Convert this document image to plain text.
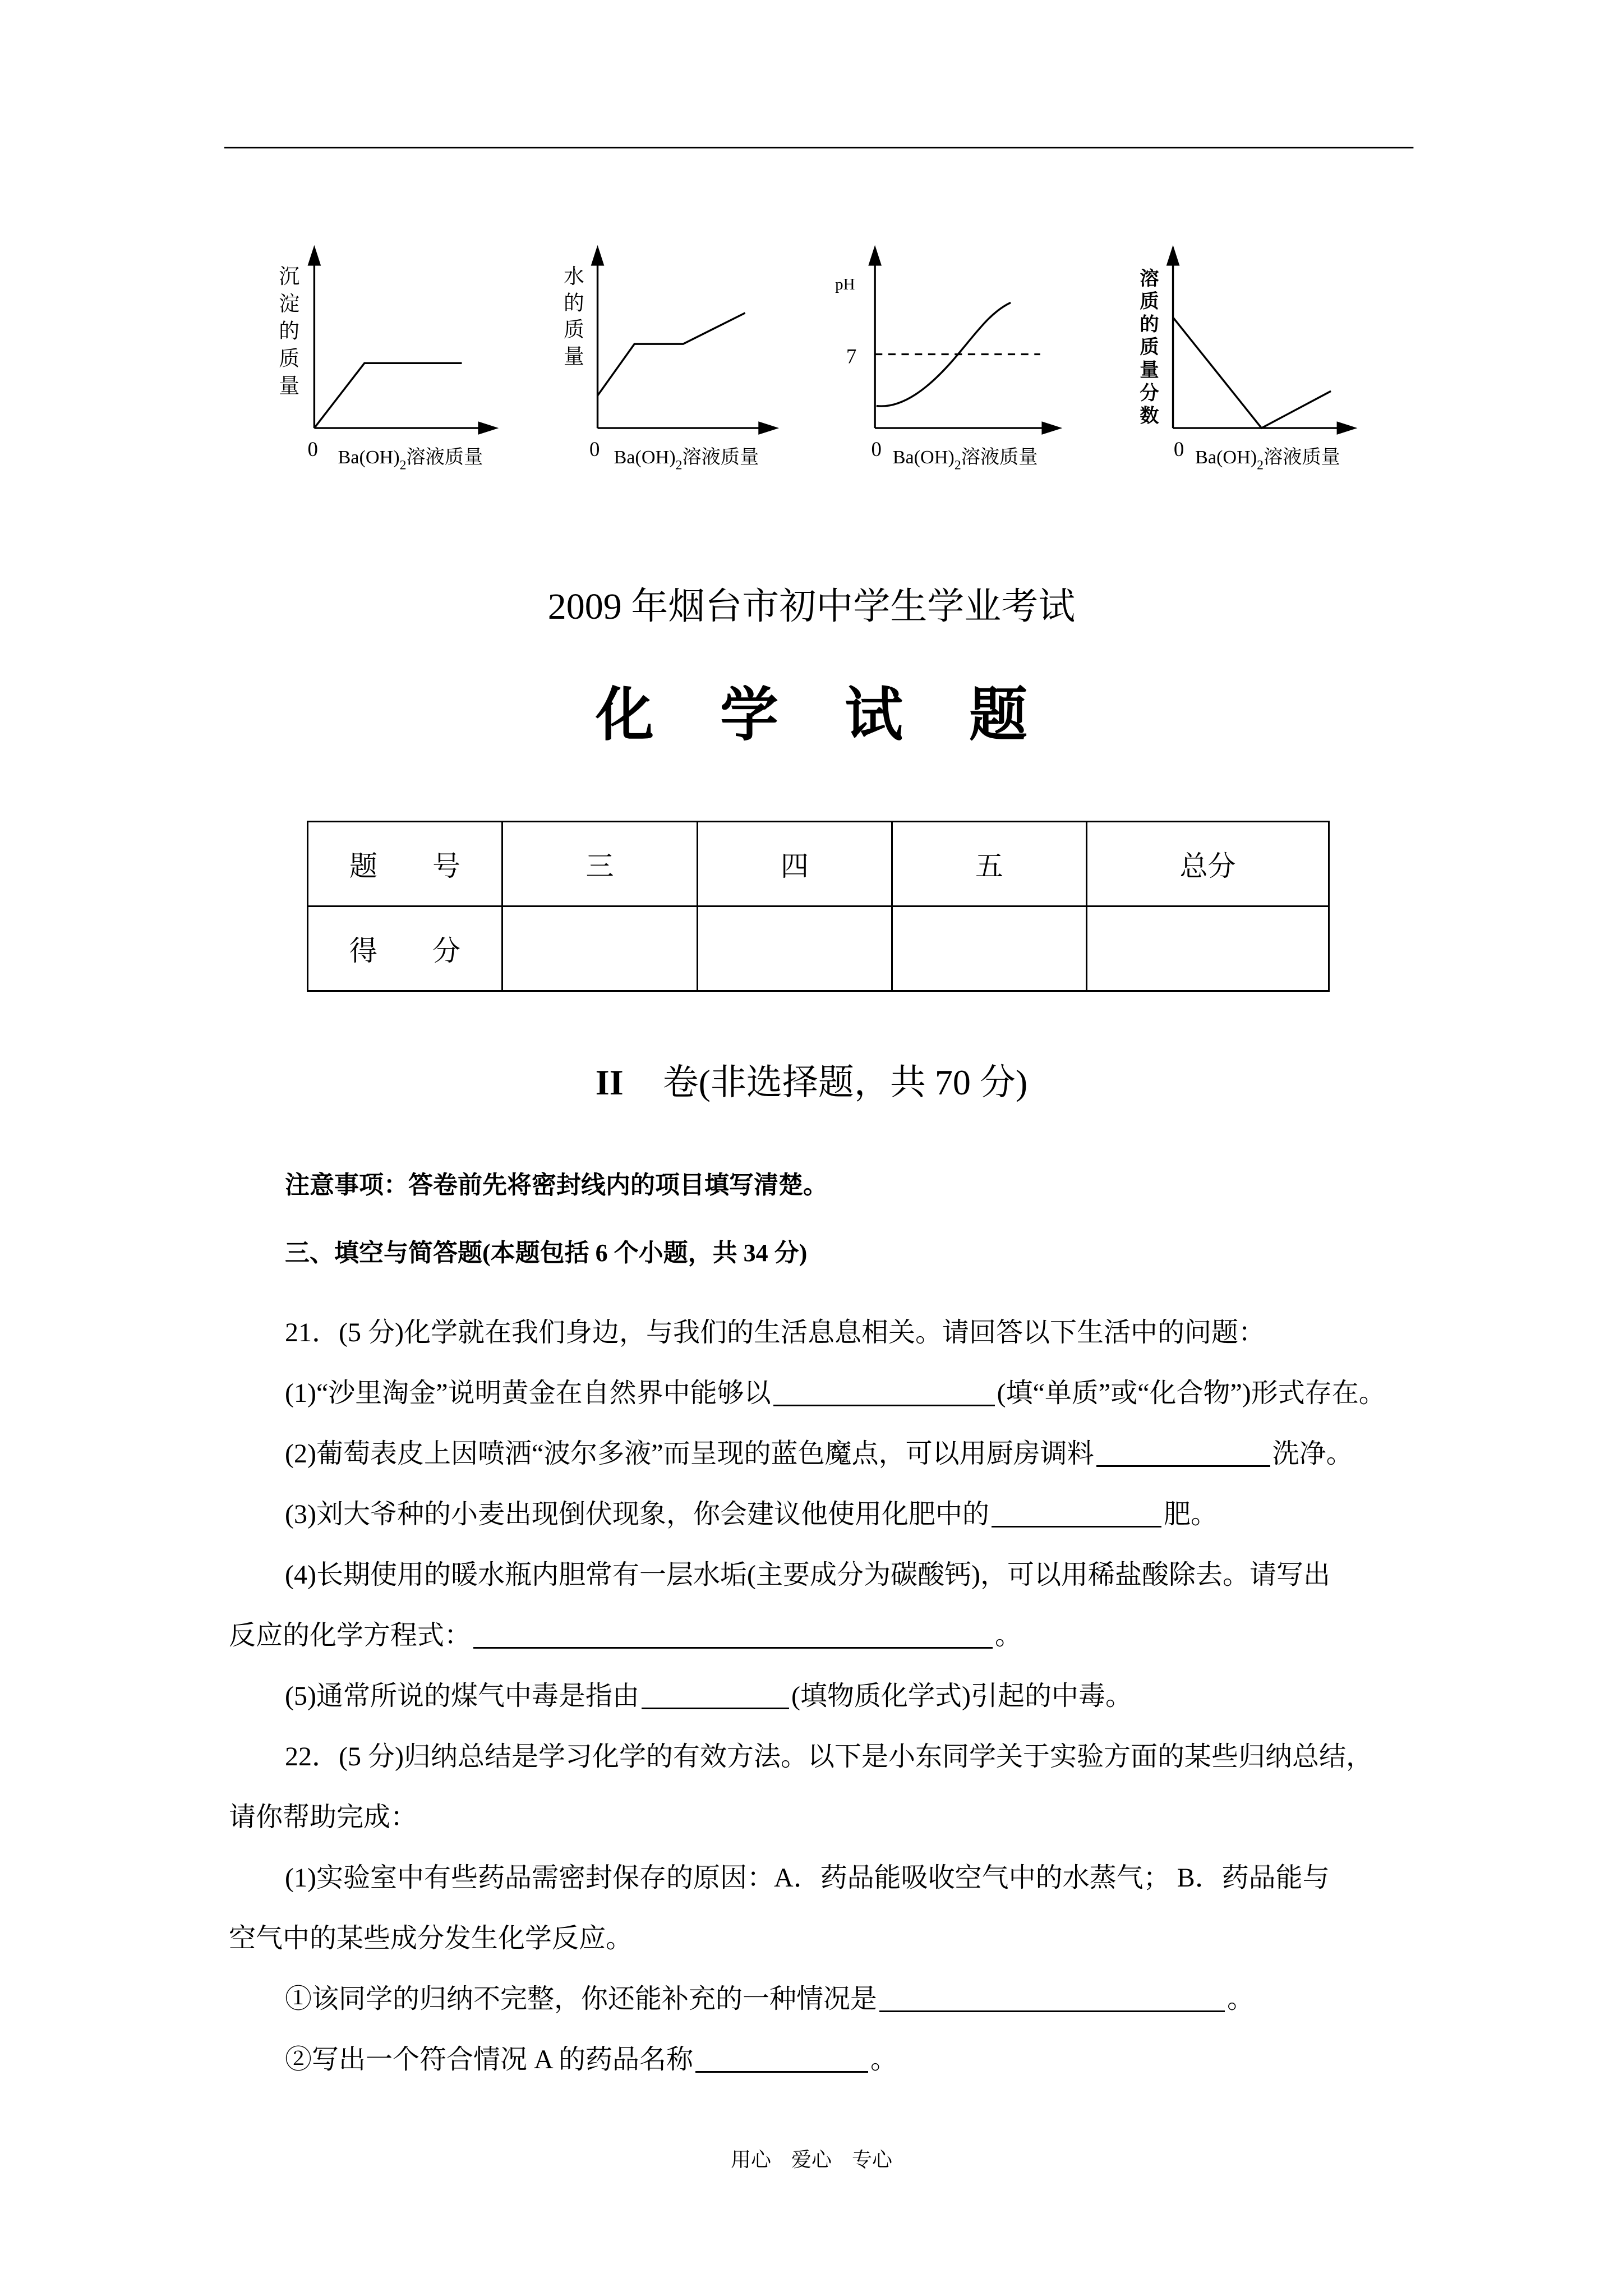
沉淀的质量
0	$Ba(OH)_2$溶液质量
水的质量
0 $Ba(OH)_2$溶液质量
pH
7
0 $Ba(OH)_2$溶液质量
溶质的质量分数
0 $Ba(OH)_2$溶液质量
2009 年烟台市初中学生学业考试
化学试题
题　号	三	四	五	总分
得　分				
II 卷(非选择题，共 70 分)
注意事项：答卷前先将密封线内的项目填写清楚。
三、填空与简答题(本题包括 6 个小题，共 34 分)
21．(5 分)化学就在我们身边，与我们的生活息息相关。请回答以下生活中的问题：
(1)“沙里淘金”说明黄金在自然界中能够以	(填“单质”或“化合物”)形式存在。
(2)葡萄表皮上因喷洒“波尔多液”而呈现的蓝色魔点，可以用厨房调料	洗净。
(3)刘大爷种的小麦出现倒伏现象，你会建议他使用化肥中的	肥。
(4)长期使用的暖水瓶内胆常有一层水垢(主要成分为碳酸钙)，可以用稀盐酸除去。请写出
反应的化学方程式：	。
(5)通常所说的煤气中毒是指由	(填物质化学式)引起的中毒。
22．(5 分)归纳总结是学习化学的有效方法。以下是小东同学关于实验方面的某些归纳总结，
请你帮助完成：
(1)实验室中有些药品需密封保存的原因：A．药品能吸收空气中的水蒸气； B．药品能与
空气中的某些成分发生化学反应。
①该同学的归纳不完整，你还能补充的一种情况是	。
②写出一个符合情况 A 的药品名称	。
用心　爱心　专心
